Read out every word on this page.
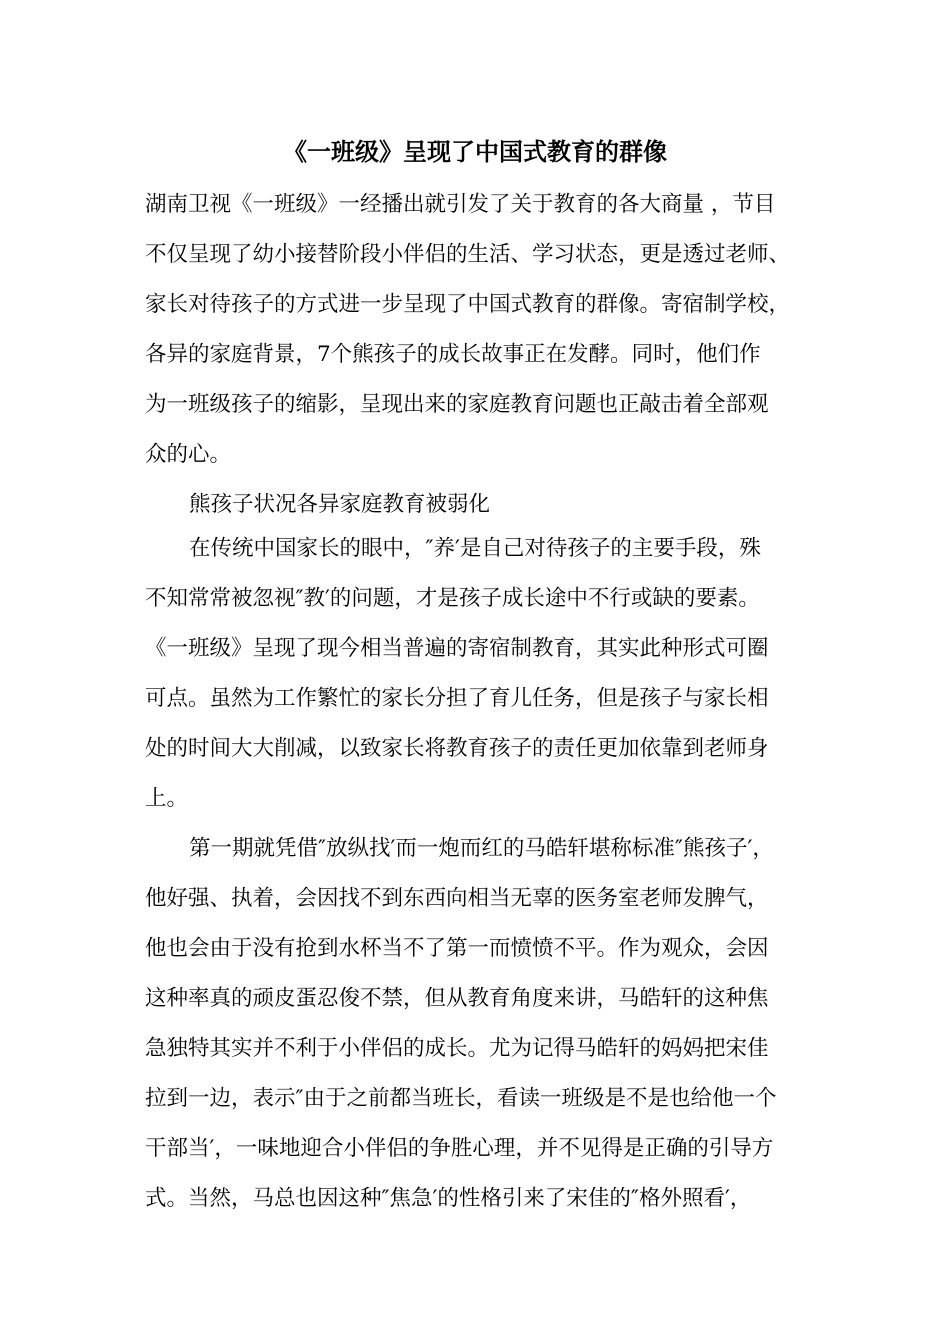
《一班级》呈现了中国式教育的群像
湖南卫视《一班级》一经播出就引发了关于教育的各大商量 ，节目
不仅呈现了幼小接替阶段小伴侣的生活、学习状态，更是透过老师、
家长对待孩子的方式进一步呈现了中国式教育的群像。寄宿制学校，
各异的家庭背景，7个熊孩子的成长故事正在发酵。同时，他们作
为一班级孩子的缩影，呈现出来的家庭教育问题也正敲击着全部观
众的心。
熊孩子状况各异家庭教育被弱化
在传统中国家长的眼中，″养′是自己对待孩子的主要手段，殊
不知常常被忽视″教′的问题，才是孩子成长途中不行或缺的要素。
《一班级》呈现了现今相当普遍的寄宿制教育，其实此种形式可圈
可点。虽然为工作繁忙的家长分担了育儿任务，但是孩子与家长相
处的时间大大削减，以致家长将教育孩子的责任更加依靠到老师身
上。
第一期就凭借″放纵找′而一炮而红的马皓轩堪称标准″熊孩子′，
他好强、执着，会因找不到东西向相当无辜的医务室老师发脾气，
他也会由于没有抢到水杯当不了第一而愤愤不平。作为观众，会因
这种率真的顽皮蛋忍俊不禁，但从教育角度来讲，马皓轩的这种焦
急独特其实并不利于小伴侣的成长。尤为记得马皓轩的妈妈把宋佳
拉到一边，表示″由于之前都当班长，看读一班级是不是也给他一个
干部当′，一味地迎合小伴侣的争胜心理，并不见得是正确的引导方
式。当然，马总也因这种″焦急′的性格引来了宋佳的″格外照看′，
